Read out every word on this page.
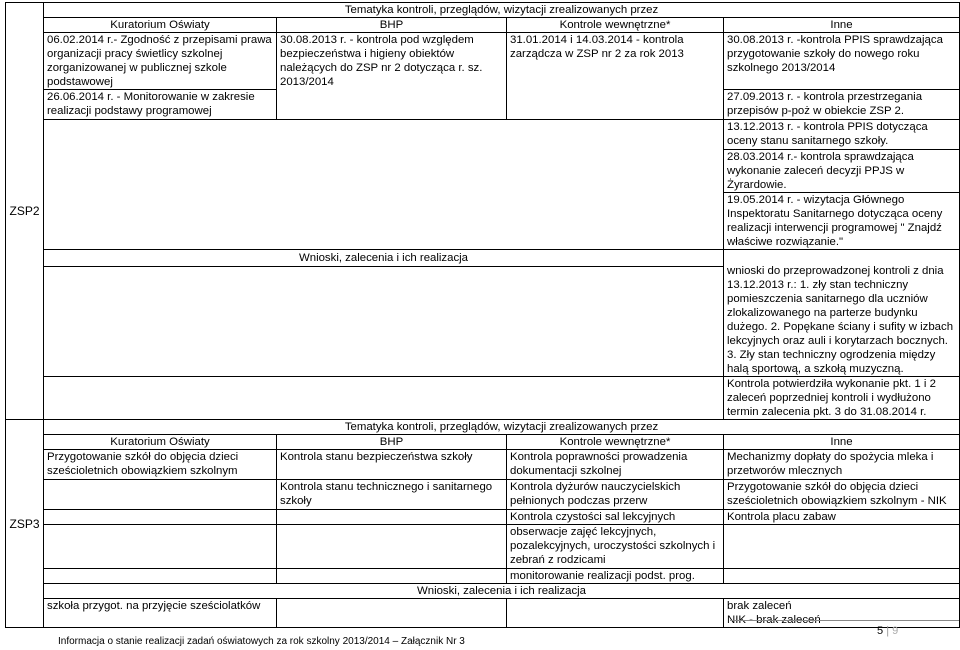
ZSP2	Tematyka kontroli, przeglądów, wizytacji zrealizowanych przez			
	Kuratorium Oświaty	BHP	Kontrole wewnętrzne*	Inne
	06.02.2014 r.- Zgodność z przepisami prawa organizacji pracy świetlicy szkolnej zorganizowanej w publicznej szkole podstawowej	30.08.2013 r. - kontrola pod względem bezpieczeństwa i higieny obiektów należących do ZSP nr 2 dotycząca r. sz. 2013/2014	31.01.2014 i 14.03.2014 - kontrola zarządcza w ZSP nr 2 za rok 2013	30.08.2013 r. -kontrola PPIS sprawdzająca przygotowanie szkoły do nowego roku szkolnego 2013/2014
	26.06.2014 r. - Monitorowanie w zakresie realizacji podstawy programowej			27.09.2013 r. - kontrola przestrzegania przepisów p-poż w obiekcie ZSP 2.
				13.12.2013 r. - kontrola PPIS dotycząca oceny stanu sanitarnego szkoły.
				28.03.2014 r.- kontrola sprawdzająca wykonanie zaleceń decyzji PPJS w Żyrardowie.
				19.05.2014 r. - wizytacja Głównego Inspektoratu Sanitarnego dotycząca oceny realizacji interwencji programowej " Znajdź właściwe rozwiązanie."
	Wnioski, zalecenia i ich realizacja			wnioski do przeprowadzonej kontroli z dnia 13.12.2013 r.: 1. zły stan techniczny pomieszczenia sanitarnego dla uczniów zlokalizowanego na parterze budynku dużego. 2. Popękane ściany i sufity w izbach lekcyjnych oraz auli i korytarzach bocznych. 3. Zły stan techniczny ogrodzenia między halą sportową, a szkołą muzyczną.

				Kontrola potwierdziła wykonanie pkt. 1 i 2 zaleceń poprzedniej kontroli i wydłużono termin zalecenia pkt. 3 do 31.08.2014 r.
ZSP3	Tematyka kontroli, przeglądów, wizytacji zrealizowanych przez			
	Kuratorium Oświaty	BHP	Kontrole wewnętrzne*	Inne
	Przygotowanie szkół do objęcia dzieci sześcioletnich obowiązkiem szkolnym	Kontrola stanu bezpieczeństwa szkoły	Kontrola poprawności prowadzenia dokumentacji szkolnej	Mechanizmy dopłaty do spożycia mleka i przetworów mlecznych
		Kontrola stanu technicznego i sanitarnego szkoły	Kontrola dyżurów nauczycielskich pełnionych podczas przerw	Przygotowanie szkół do objęcia dzieci sześcioletnich obowiązkiem szkolnym - NIK
			Kontrola czystości sal lekcyjnych	Kontrola placu zabaw
			obserwacje zajęć lekcyjnych, pozalekcyjnych, uroczystości szkolnych i zebrań z rodzicami	
			monitorowanie realizacji podst. prog.	
	Wnioski, zalecenia i ich realizacja			
	szkoła przygot. na przyjęcie sześciolatków			brak zaleceń
NIK - brak zaleceń
5 | 9
Informacja o stanie realizacji zadań oświatowych za rok szkolny 2013/2014 – Załącznik Nr 3
